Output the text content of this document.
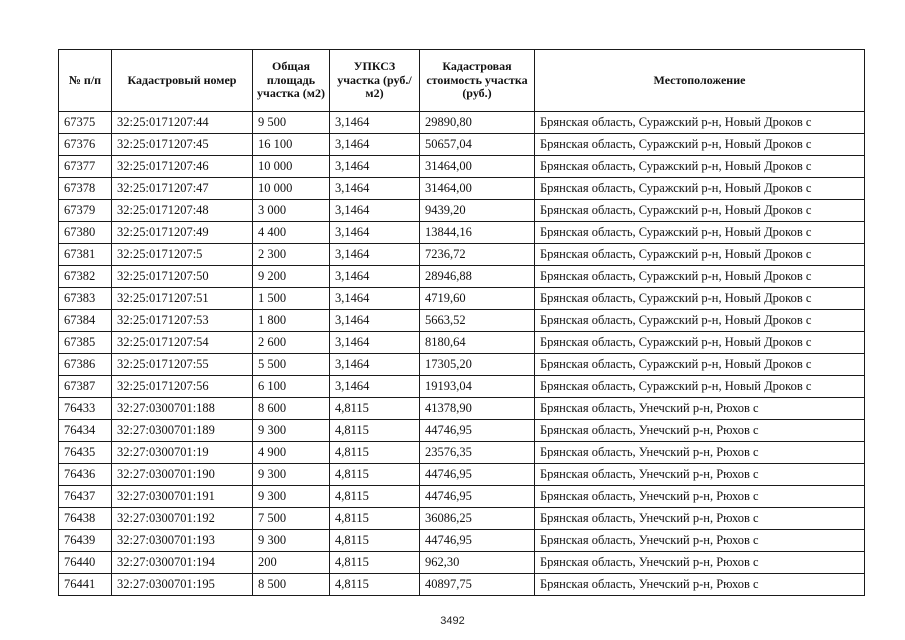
№ п/п	Кадастровый номер	Общая площадь участка (м2)	УПКСЗ участка (руб./м2)	Кадастровая стоимость участка (руб.)	Местоположение
67375	32:25:0171207:44	9 500	3,1464	29890,80	Брянская область, Суражский р-н, Новый Дроков с
67376	32:25:0171207:45	16 100	3,1464	50657,04	Брянская область, Суражский р-н, Новый Дроков с
67377	32:25:0171207:46	10 000	3,1464	31464,00	Брянская область, Суражский р-н, Новый Дроков с
67378	32:25:0171207:47	10 000	3,1464	31464,00	Брянская область, Суражский р-н, Новый Дроков с
67379	32:25:0171207:48	3 000	3,1464	9439,20	Брянская область, Суражский р-н, Новый Дроков с
67380	32:25:0171207:49	4 400	3,1464	13844,16	Брянская область, Суражский р-н, Новый Дроков с
67381	32:25:0171207:5	2 300	3,1464	7236,72	Брянская область, Суражский р-н, Новый Дроков с
67382	32:25:0171207:50	9 200	3,1464	28946,88	Брянская область, Суражский р-н, Новый Дроков с
67383	32:25:0171207:51	1 500	3,1464	4719,60	Брянская область, Суражский р-н, Новый Дроков с
67384	32:25:0171207:53	1 800	3,1464	5663,52	Брянская область, Суражский р-н, Новый Дроков с
67385	32:25:0171207:54	2 600	3,1464	8180,64	Брянская область, Суражский р-н, Новый Дроков с
67386	32:25:0171207:55	5 500	3,1464	17305,20	Брянская область, Суражский р-н, Новый Дроков с
67387	32:25:0171207:56	6 100	3,1464	19193,04	Брянская область, Суражский р-н, Новый Дроков с
76433	32:27:0300701:188	8 600	4,8115	41378,90	Брянская область, Унечский р-н, Рюхов с
76434	32:27:0300701:189	9 300	4,8115	44746,95	Брянская область, Унечский р-н, Рюхов с
76435	32:27:0300701:19	4 900	4,8115	23576,35	Брянская область, Унечский р-н, Рюхов с
76436	32:27:0300701:190	9 300	4,8115	44746,95	Брянская область, Унечский р-н, Рюхов с
76437	32:27:0300701:191	9 300	4,8115	44746,95	Брянская область, Унечский р-н, Рюхов с
76438	32:27:0300701:192	7 500	4,8115	36086,25	Брянская область, Унечский р-н, Рюхов с
76439	32:27:0300701:193	9 300	4,8115	44746,95	Брянская область, Унечский р-н, Рюхов с
76440	32:27:0300701:194	200	4,8115	962,30	Брянская область, Унечский р-н, Рюхов с
76441	32:27:0300701:195	8 500	4,8115	40897,75	Брянская область, Унечский р-н, Рюхов с
3492
